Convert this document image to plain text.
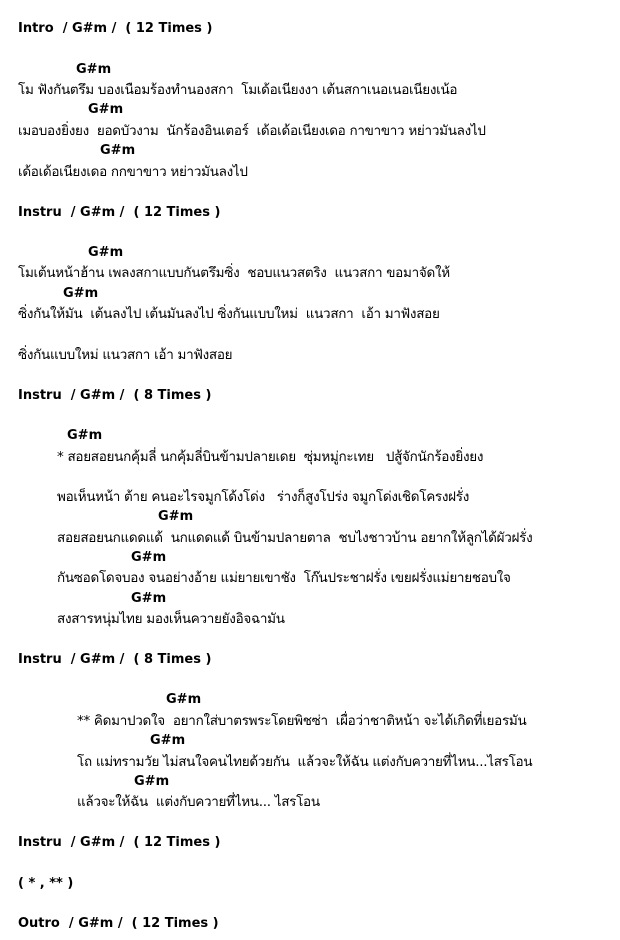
Intro  / G#m /  ( 12 Times )
G#m
โม ฟังกันตรึม บองเนือมร้องทำนองสกา  โมเด้อเนียงงา เต้นสกาเนอเนอเนียงเน้อ
G#m
เมอบองยิ่งยง  ยอดบัวงาม  นักร้องอินเตอร์  เด้อเด้อเนียงเดอ กาขาขาว หย่าวมันลงไป
G#m
เด้อเด้อเนียงเดอ กกขาขาว หย่าวมันลงไป
Instru  / G#m /  ( 12 Times )
G#m
โมเต้นหน้าฮ้าน เพลงสกาแบบกันตรึมซิ่ง  ชอบแนวสตริง  แนวสกา ขอมาจัดให้
G#m
ซิ่งกันให้มัน  เต้นลงไป เต้นมันลงไป ซิ่งกันแบบใหม่  แนวสกา  เอ้า มาฟังสอย
ซิ่งกันแบบใหม่ แนวสกา เอ้า มาฟังสอย
Instru  / G#m /  ( 8 Times )
G#m
* สอยสอยนกคุ้มลี่ นกคุ้มลี่บินข้ามปลายเดย  ซุ่มหมู่กะเทย   ปสู้จักนักร้องยิ่งยง
พอเห็นหน้า ต้าย คนอะไรจมูกโด้งโด่ง   ร่างก็สูงโปร่ง จมูกโด่งเชิดโครงฝรั่ง
G#m
สอยสอยนกแดดแด้  นกแดดแด้ บินข้ามปลายตาล  ชบไงชาวบ้าน อยากให้ลูกได้ผัวฝรั่ง
G#m
กันซอดโดจบอง จนอย่างอ้าย แม่ยายเขาชัง  โก๊นประชาฝรั่ง เขยฝรั่งแม่ยายชอบใจ
G#m
สงสารหนุ่มไทย มองเห็นควายยังอิจฉามัน
Instru  / G#m /  ( 8 Times )
G#m
** คิดมาปวดใจ  อยากใส่บาตรพระโดยพิชซ่า  เผื่อว่าชาติหน้า จะได้เกิดที่เยอรมัน
G#m
โถ แม่ทรามวัย ไม่สนใจคนไทยด้วยกัน  แล้วจะให้ฉัน แต่งกับควายที่ไหน...ไสรโอน
G#m
แล้วจะให้ฉัน  แต่งกับควายที่ไหน... ไสรโอน
Instru  / G#m /  ( 12 Times )
( * , ** )
Outro  / G#m /  ( 12 Times )
